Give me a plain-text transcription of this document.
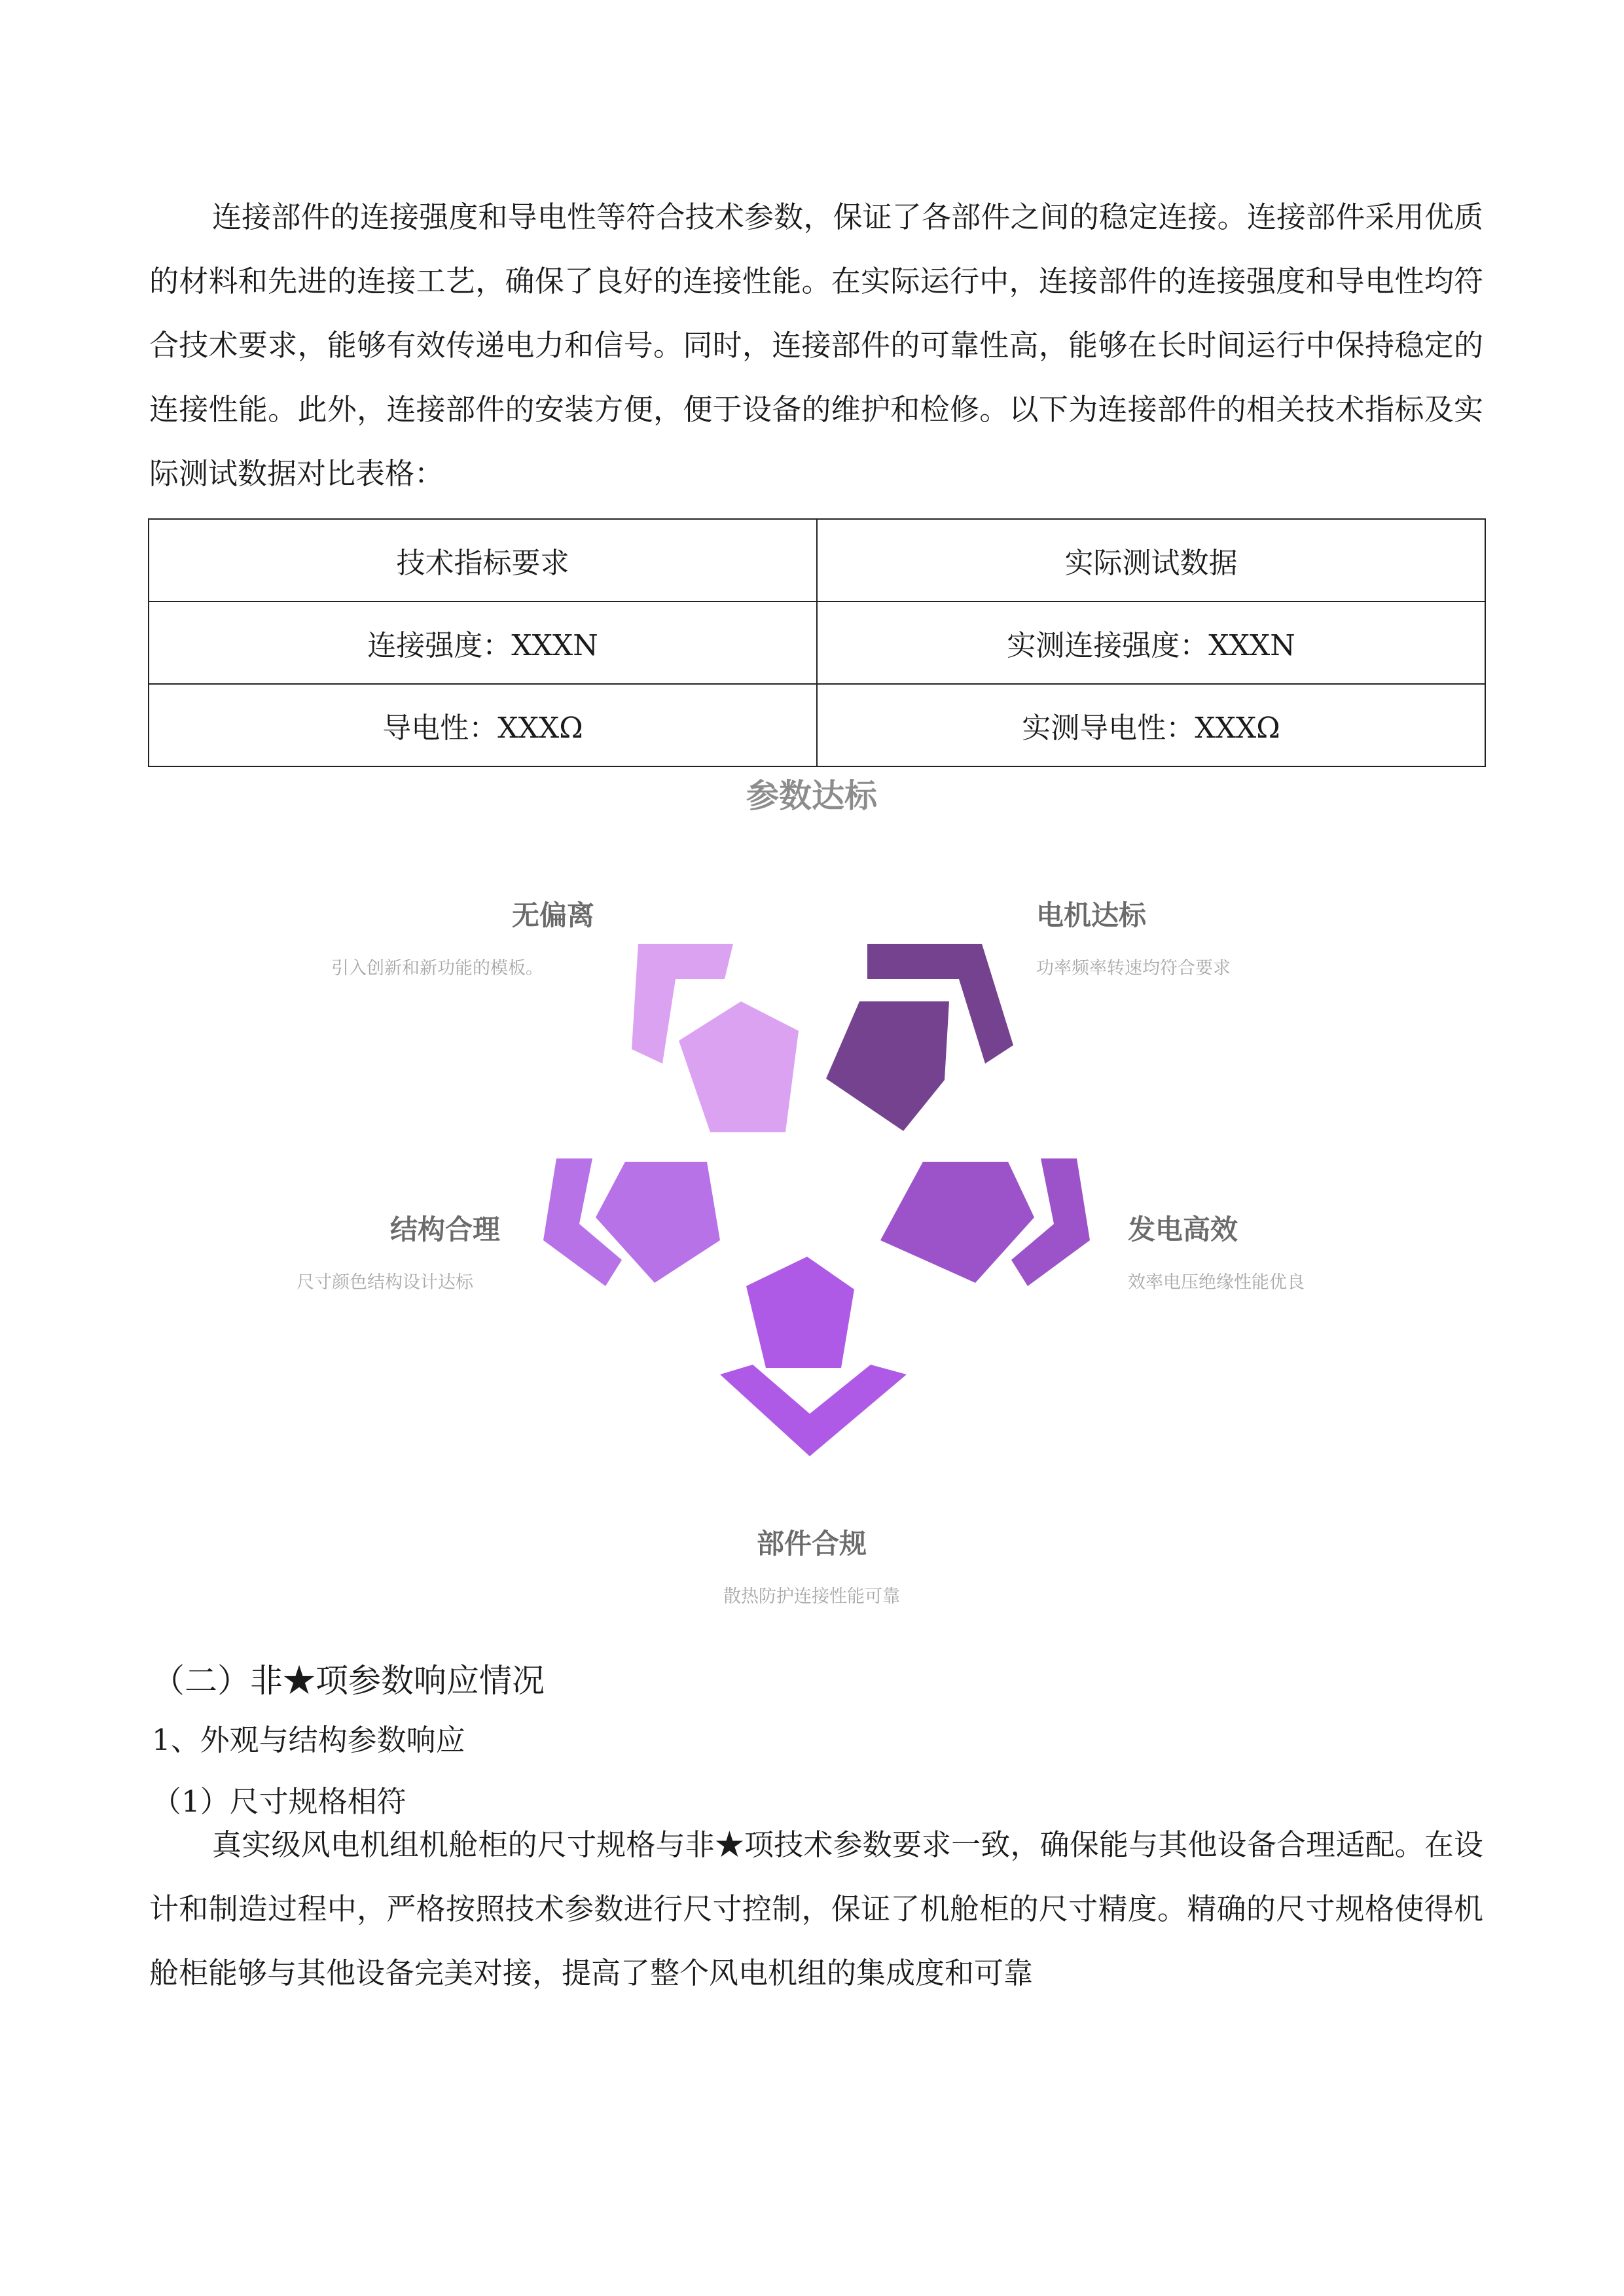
连接部件的连接强度和导电性等符合技术参数，保证了各部件之间的稳定连接。连接部件采用优质的材料和先进的连接工艺，确保了良好的连接性能。在实际运行中，连接部件的连接强度和导电性均符合技术要求，能够有效传递电力和信号。同时，连接部件的可靠性高，能够在长时间运行中保持稳定的连接性能。此外，连接部件的安装方便，便于设备的维护和检修。以下为连接部件的相关技术指标及实际测试数据对比表格：

技术指标要求	实际测试数据
连接强度：XXXN	实测连接强度：XXXN
导电性：XXXΩ	实测导电性：XXXΩ
参数达标
无偏离
引入创新和新功能的模板。
电机达标
功率频率转速均符合要求
结构合理
尺寸颜色结构设计达标
发电高效
效率电压绝缘性能优良
部件合规
散热防护连接性能可靠
（二）非★项参数响应情况

1、外观与结构参数响应

（1）尺寸规格相符

真实级风电机组机舱柜的尺寸规格与非★项技术参数要求一致，确保能与其他设备合理适配。在设计和制造过程中，严格按照技术参数进行尺寸控制，保证了机舱柜的尺寸精度。精确的尺寸规格使得机舱柜能够与其他设备完美对接，提高了整个风电机组的集成度和可靠
